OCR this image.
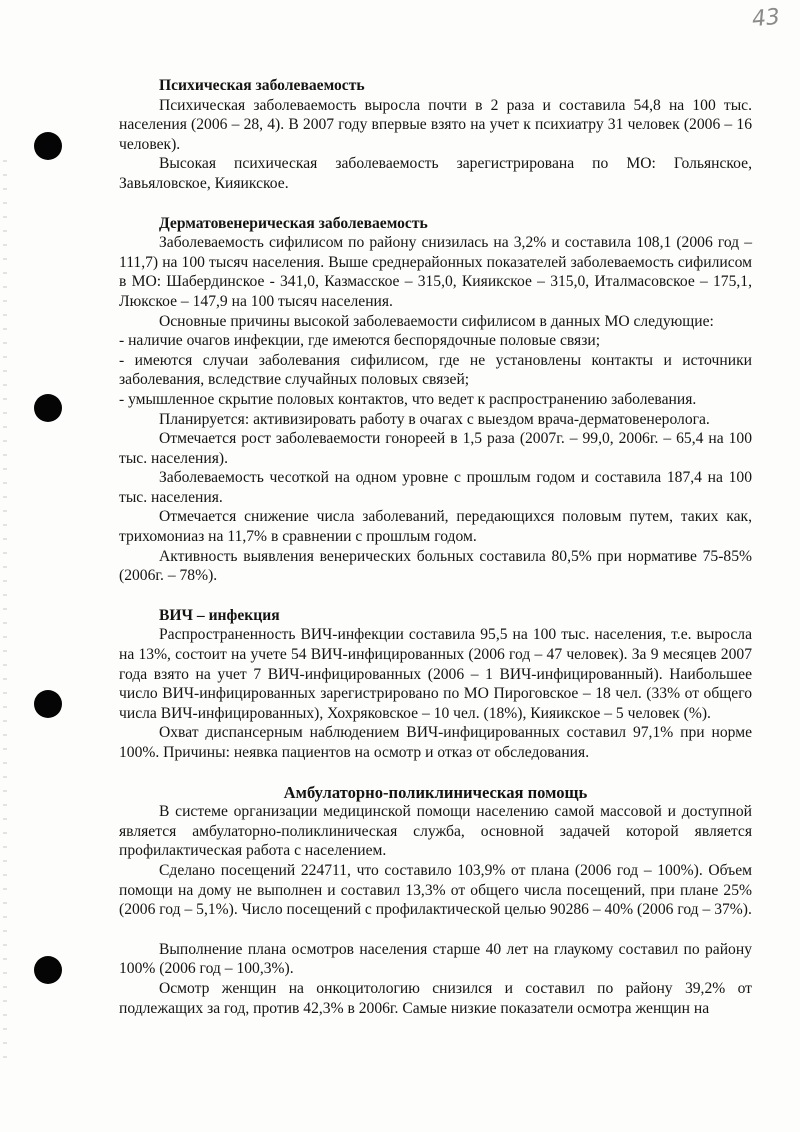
43

Психическая заболеваемость

Психическая заболеваемость выросла почти в 2 раза и составила 54,8 на 100 тыс. населения (2006 – 28, 4). В 2007 году впервые взято на учет к психиатру 31 человек (2006 – 16 человек).

Высокая психическая заболеваемость зарегистрирована по МО: Гольянское, Завьяловское, Кияикское.

Дерматовенерическая заболеваемость

Заболеваемость сифилисом по району снизилась на 3,2% и составила 108,1 (2006 год – 111,7) на 100 тысяч населения. Выше среднерайонных показателей заболеваемость сифилисом в МО: Шабердинское - 341,0, Казмасское – 315,0, Кияикское – 315,0, Италмасовское – 175,1, Люкское – 147,9 на 100 тысяч населения.

Основные причины высокой заболеваемости сифилисом в данных МО следующие:

- наличие очагов инфекции, где имеются беспорядочные половые связи;

- имеются случаи заболевания сифилисом, где не установлены контакты и источники заболевания, вследствие случайных половых связей;

- умышленное скрытие половых контактов, что ведет к распространению заболевания.

Планируется: активизировать работу в очагах с выездом врача-дерматовенеролога.

Отмечается рост заболеваемости гонореей в 1,5 раза (2007г. – 99,0, 2006г. – 65,4 на 100 тыс. населения).

Заболеваемость чесоткой на одном уровне с прошлым годом и составила 187,4 на 100 тыс. населения.

Отмечается снижение числа заболеваний, передающихся половым путем, таких как, трихомониаз на 11,7% в сравнении с прошлым годом.

Активность выявления венерических больных составила 80,5% при нормативе 75-85% (2006г. – 78%).

ВИЧ – инфекция

Распространенность ВИЧ-инфекции составила 95,5 на 100 тыс. населения, т.е. выросла на 13%, состоит на учете 54 ВИЧ-инфицированных (2006 год – 47 человек). За 9 месяцев 2007 года взято на учет 7 ВИЧ-инфицированных (2006 – 1 ВИЧ-инфицированный). Наибольшее число ВИЧ-инфицированных зарегистрировано по МО Пироговское – 18 чел. (33% от общего числа ВИЧ-инфицированных), Хохряковское – 10 чел. (18%), Кияикское – 5 человек (%).

Охват диспансерным наблюдением ВИЧ-инфицированных составил 97,1% при норме 100%. Причины: неявка пациентов на осмотр и отказ от обследования.

Амбулаторно-поликлиническая помощь

В системе организации медицинской помощи населению самой массовой и доступной является амбулаторно-поликлиническая служба, основной задачей которой является профилактическая работа с населением.

Сделано посещений 224711, что составило 103,9% от плана (2006 год – 100%). Объем помощи на дому не выполнен и составил 13,3% от общего числа посещений, при плане 25% (2006 год – 5,1%). Число посещений с профилактической целью 90286 – 40% (2006 год – 37%).

Выполнение плана осмотров населения старше 40 лет на глаукому составил по району 100% (2006 год – 100,3%).

Осмотр женщин на онкоцитологию снизился и составил по району 39,2% от подлежащих за год, против 42,3% в 2006г. Самые низкие показатели осмотра женщин на
